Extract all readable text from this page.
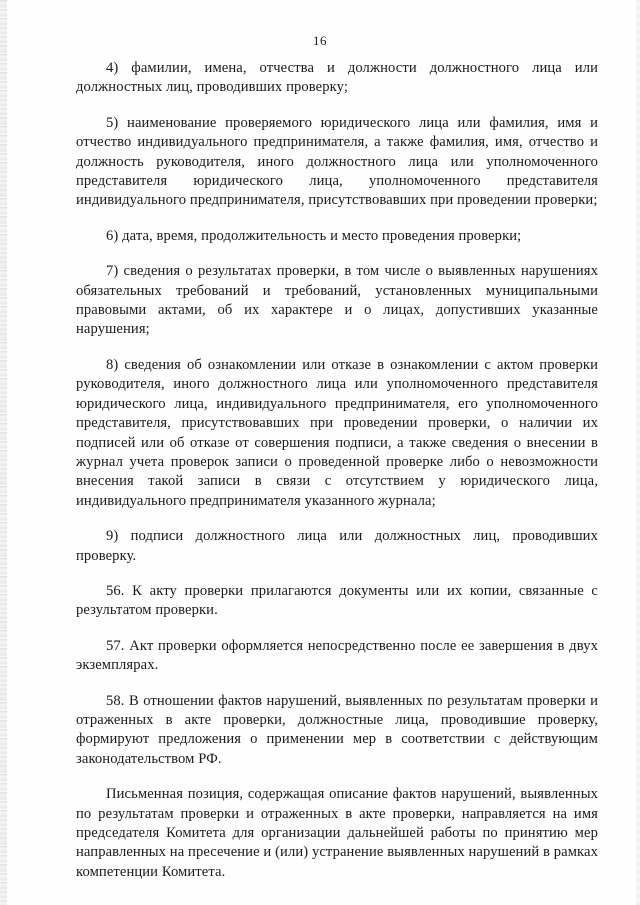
16

4) фамилии, имена, отчества и должности должностного лица или должностных лиц, проводивших проверку;

5) наименование проверяемого юридического лица или фамилия, имя и отчество индивидуального предпринимателя, а также фамилия, имя, отчество и должность руководителя, иного должностного лица или уполномоченного представителя юридического лица, уполномоченного представителя индивидуального предпринимателя, присутствовавших при проведении проверки;

6) дата, время, продолжительность и место проведения проверки;

7) сведения о результатах проверки, в том числе о выявленных нарушениях обязательных требований и требований, установленных муниципальными правовыми актами, об их характере и о лицах, допустивших указанные нарушения;

8) сведения об ознакомлении или отказе в ознакомлении с актом проверки руководителя, иного должностного лица или уполномоченного представителя юридического лица, индивидуального предпринимателя, его уполномоченного представителя, присутствовавших при проведении проверки, о наличии их подписей или об отказе от совершения подписи, а также сведения о внесении в журнал учета проверок записи о проведенной проверке либо о невозможности внесения такой записи в связи с отсутствием у юридического лица, индивидуального предпринимателя указанного журнала;

9) подписи должностного лица или должностных лиц, проводивших проверку.

56. К акту проверки прилагаются документы или их копии, связанные с результатом проверки.

57. Акт проверки оформляется непосредственно после ее завершения в двух экземплярах.

58. В отношении фактов нарушений, выявленных по результатам проверки и отраженных в акте проверки, должностные лица, проводившие проверку, формируют предложения о применении мер в соответствии с действующим законодательством РФ.

Письменная позиция, содержащая описание фактов нарушений, выявленных по результатам проверки и отраженных в акте проверки, направляется на имя председателя Комитета для организации дальнейшей работы по принятию мер направленных на пресечение и (или) устранение выявленных нарушений в рамках компетенции Комитета.
